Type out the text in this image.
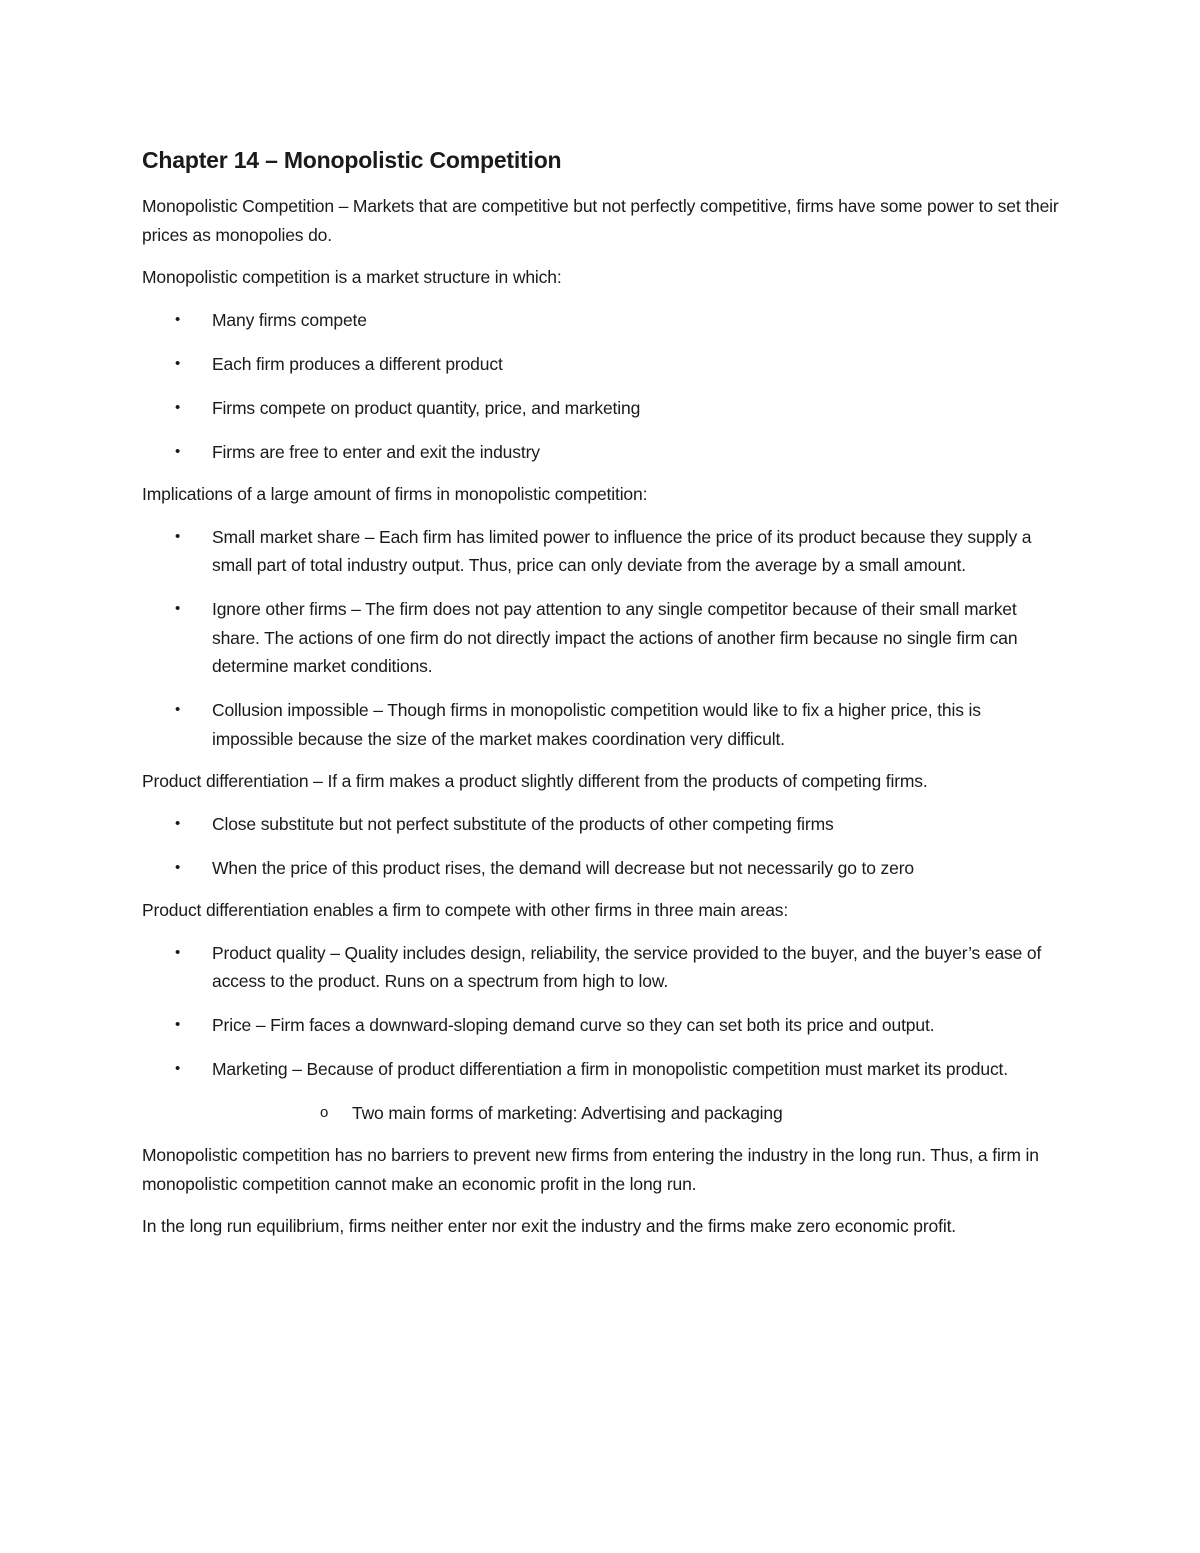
Chapter 14 – Monopolistic Competition

Monopolistic Competition – Markets that are competitive but not perfectly competitive, firms have some power to set their prices as monopolies do.

Monopolistic competition is a market structure in which:

• Many firms compete
• Each firm produces a different product
• Firms compete on product quantity, price, and marketing
• Firms are free to enter and exit the industry

Implications of a large amount of firms in monopolistic competition:

• Small market share – Each firm has limited power to influence the price of its product because they supply a small part of total industry output. Thus, price can only deviate from the average by a small amount.
• Ignore other firms – The firm does not pay attention to any single competitor because of their small market share. The actions of one firm do not directly impact the actions of another firm because no single firm can determine market conditions.
• Collusion impossible – Though firms in monopolistic competition would like to fix a higher price, this is impossible because the size of the market makes coordination very difficult.

Product differentiation – If a firm makes a product slightly different from the products of competing firms.

• Close substitute but not perfect substitute of the products of other competing firms
• When the price of this product rises, the demand will decrease but not necessarily go to zero

Product differentiation enables a firm to compete with other firms in three main areas:

• Product quality – Quality includes design, reliability, the service provided to the buyer, and the buyer’s ease of access to the product. Runs on a spectrum from high to low.
• Price – Firm faces a downward-sloping demand curve so they can set both its price and output.
• Marketing – Because of product differentiation a firm in monopolistic competition must market its product.
o Two main forms of marketing: Advertising and packaging

Monopolistic competition has no barriers to prevent new firms from entering the industry in the long run. Thus, a firm in monopolistic competition cannot make an economic profit in the long run.

In the long run equilibrium, firms neither enter nor exit the industry and the firms make zero economic profit.
